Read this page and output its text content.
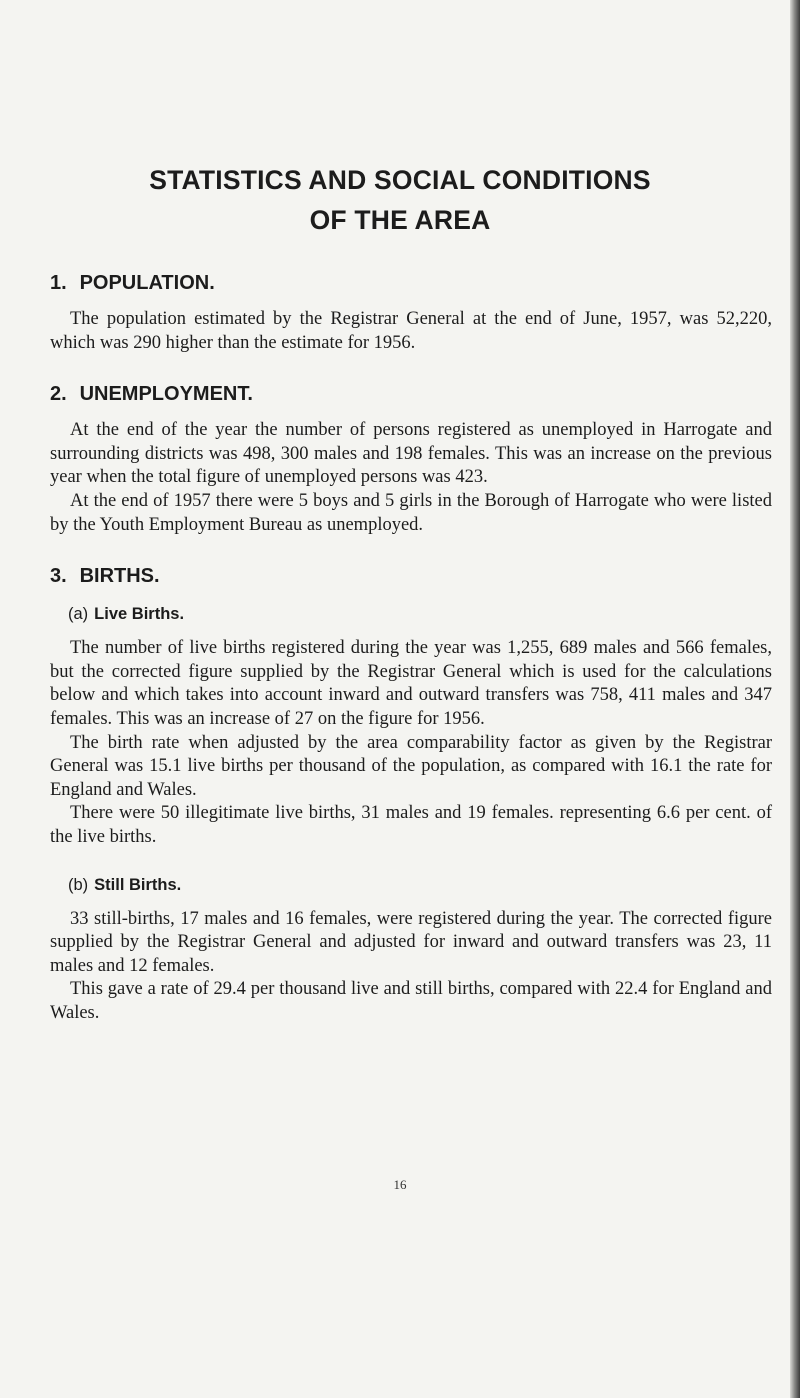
STATISTICS AND SOCIAL CONDITIONS
OF THE AREA
1. POPULATION.

The population estimated by the Registrar General at the end of June, 1957, was 52,220, which was 290 higher than the estimate for 1956.

2. UNEMPLOYMENT.

At the end of the year the number of persons registered as unemployed in Harrogate and surrounding districts was 498, 300 males and 198 females. This was an increase on the previous year when the total figure of unemployed persons was 423.

At the end of 1957 there were 5 boys and 5 girls in the Borough of Harrogate who were listed by the Youth Employment Bureau as unemployed.

3. BIRTHS.
(a) Live Births.

The number of live births registered during the year was 1,255, 689 males and 566 females, but the corrected figure supplied by the Registrar General which is used for the calculations below and which takes into account inward and outward transfers was 758, 411 males and 347 females. This was an increase of 27 on the figure for 1956.

The birth rate when adjusted by the area comparability factor as given by the Registrar General was 15.1 live births per thousand of the population, as compared with 16.1 the rate for England and Wales.

There were 50 illegitimate live births, 31 males and 19 females. representing 6.6 per cent. of the live births.

(b) Still Births.

33 still-births, 17 males and 16 females, were registered during the year. The corrected figure supplied by the Registrar General and adjusted for inward and outward transfers was 23, 11 males and 12 females.

This gave a rate of 29.4 per thousand live and still births, compared with 22.4 for England and Wales.

16
